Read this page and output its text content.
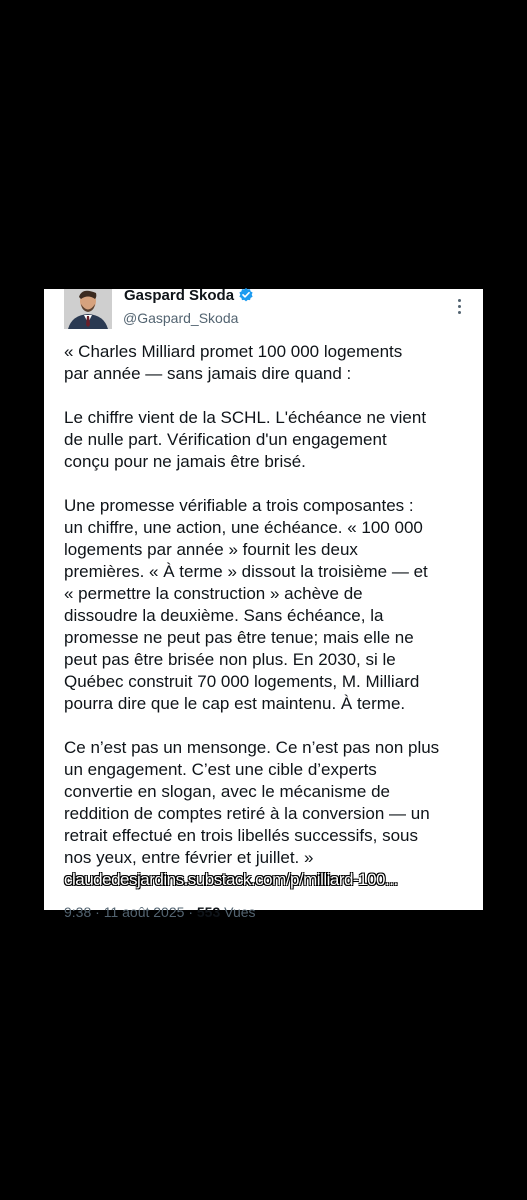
Gaspard Skoda
@Gaspard_Skoda

« Charles Milliard promet 100 000 logements

par année — sans jamais dire quand :

Le chiffre vient de la SCHL. L'échéance ne vient

de nulle part. Vérification d'un engagement

conçu pour ne jamais être brisé.

Une promesse vérifiable a trois composantes :

un chiffre, une action, une échéance. « 100 000

logements par année » fournit les deux

premières. « À terme » dissout la troisième — et

« permettre la construction » achève de

dissoudre la deuxième. Sans échéance, la

promesse ne peut pas être tenue; mais elle ne

peut pas être brisée non plus. En 2030, si le

Québec construit 70 000 logements, M. Milliard

pourra dire que le cap est maintenu. À terme.

Ce n’est pas un mensonge. Ce n’est pas non plus

un engagement. C’est une cible d’experts

convertie en slogan, avec le mécanisme de

reddition de comptes retiré à la conversion — un

retrait effectué en trois libellés successifs, sous

nos yeux, entre février et juillet. »

claudedesjardins.substack.com/p/milliard-100...
9:38 · 11 août 2025 · 553 Vues
